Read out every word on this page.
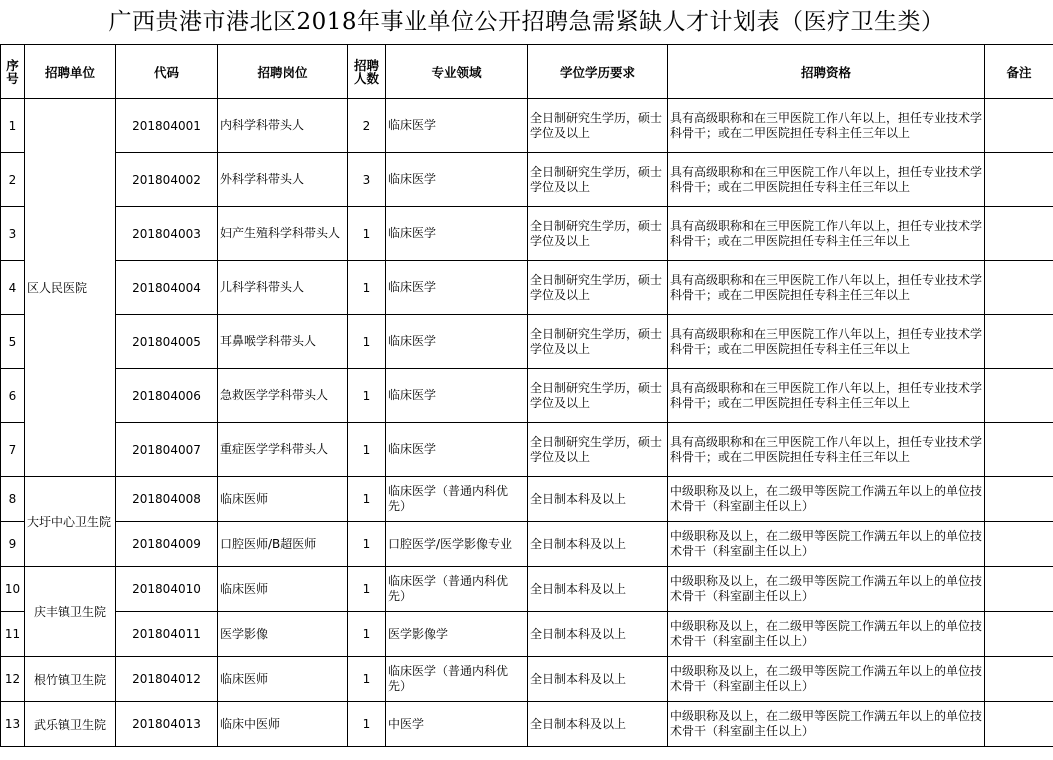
广西贵港市港北区2018年事业单位公开招聘急需紧缺人才计划表（医疗卫生类）
序号	招聘单位	代码	招聘岗位	招聘人数	专业领域	学位学历要求	招聘资格	备注
1	区人民医院	201804001	内科学科带头人	2	临床医学	全日制研究生学历，硕士学位及以上	具有高级职称和在三甲医院工作八年以上，担任专业技术学科骨干；或在二甲医院担任专科主任三年以上	
2		201804002	外科学科带头人	3	临床医学	全日制研究生学历，硕士学位及以上	具有高级职称和在三甲医院工作八年以上，担任专业技术学科骨干；或在二甲医院担任专科主任三年以上	
3		201804003	妇产生殖科学科带头人	1	临床医学	全日制研究生学历，硕士学位及以上	具有高级职称和在三甲医院工作八年以上，担任专业技术学科骨干；或在二甲医院担任专科主任三年以上	
4		201804004	儿科学科带头人	1	临床医学	全日制研究生学历，硕士学位及以上	具有高级职称和在三甲医院工作八年以上，担任专业技术学科骨干；或在二甲医院担任专科主任三年以上	
5		201804005	耳鼻喉学科带头人	1	临床医学	全日制研究生学历，硕士学位及以上	具有高级职称和在三甲医院工作八年以上，担任专业技术学科骨干；或在二甲医院担任专科主任三年以上	
6		201804006	急救医学学科带头人	1	临床医学	全日制研究生学历，硕士学位及以上	具有高级职称和在三甲医院工作八年以上，担任专业技术学科骨干；或在二甲医院担任专科主任三年以上	
7		201804007	重症医学学科带头人	1	临床医学	全日制研究生学历，硕士学位及以上	具有高级职称和在三甲医院工作八年以上，担任专业技术学科骨干；或在二甲医院担任专科主任三年以上	
8	大圩中心卫生院	201804008	临床医师	1	临床医学（普通内科优先）	全日制本科及以上	中级职称及以上，在二级甲等医院工作满五年以上的单位技术骨干（科室副主任以上）	
9		201804009	口腔医师/B超医师	1	口腔医学/医学影像专业	全日制本科及以上	中级职称及以上，在二级甲等医院工作满五年以上的单位技术骨干（科室副主任以上）	
10	庆丰镇卫生院	201804010	临床医师	1	临床医学（普通内科优先）	全日制本科及以上	中级职称及以上，在二级甲等医院工作满五年以上的单位技术骨干（科室副主任以上）	
11		201804011	医学影像	1	医学影像学	全日制本科及以上	中级职称及以上，在二级甲等医院工作满五年以上的单位技术骨干（科室副主任以上）	
12	根竹镇卫生院	201804012	临床医师	1	临床医学（普通内科优先）	全日制本科及以上	中级职称及以上，在二级甲等医院工作满五年以上的单位技术骨干（科室副主任以上）	
13	武乐镇卫生院	201804013	临床中医师	1	中医学	全日制本科及以上	中级职称及以上，在二级甲等医院工作满五年以上的单位技术骨干（科室副主任以上）	
